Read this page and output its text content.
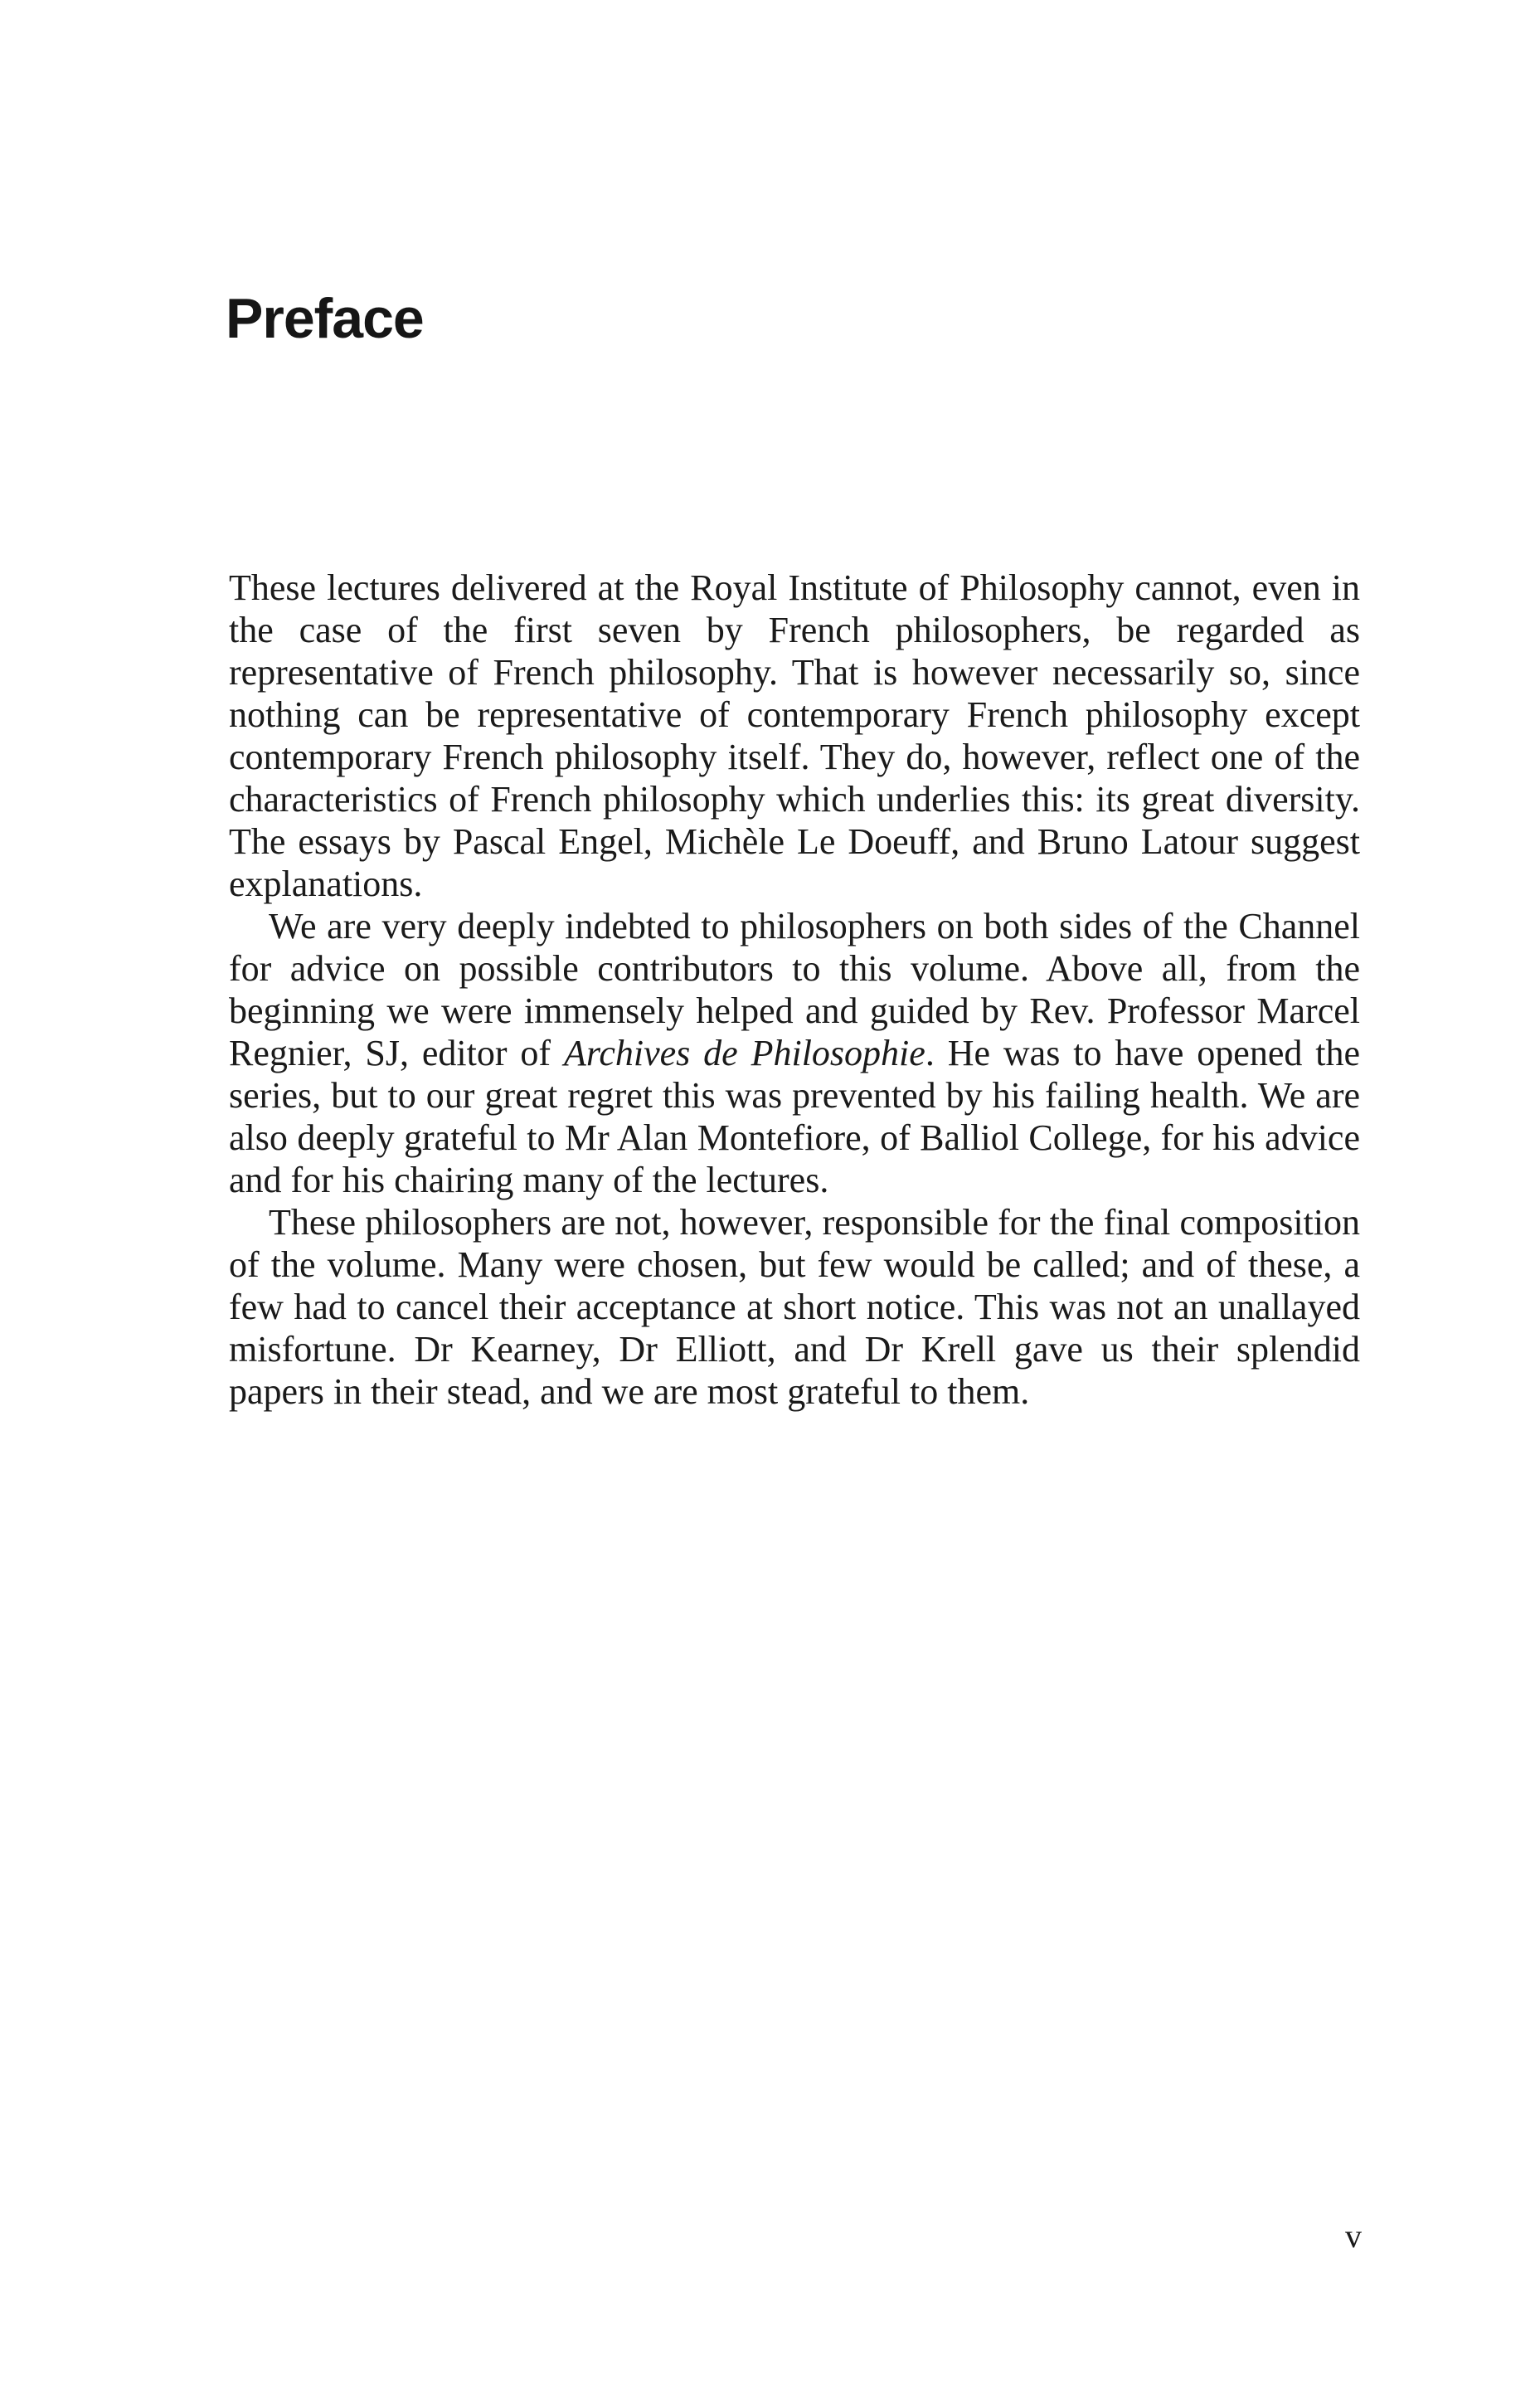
Preface

These lectures delivered at the Royal Institute of Philosophy cannot, even in the case of the first seven by French philosophers, be regarded as representative of French philosophy. That is however necessarily so, since nothing can be representative of contemporary French philosophy except contemporary French philosophy itself. They do, however, reflect one of the characteristics of French philosophy which underlies this: its great diversity. The essays by Pascal Engel, Michèle Le Doeuff, and Bruno Latour suggest explanations.

We are very deeply indebted to philosophers on both sides of the Channel for advice on possible contributors to this volume. Above all, from the beginning we were immensely helped and guided by Rev. Professor Marcel Regnier, SJ, editor of Archives de Philosophie. He was to have opened the series, but to our great regret this was prevented by his failing health. We are also deeply grateful to Mr Alan Montefiore, of Balliol College, for his advice and for his chairing many of the lectures.

These philosophers are not, however, responsible for the final composition of the volume. Many were chosen, but few would be called; and of these, a few had to cancel their acceptance at short notice. This was not an unallayed misfortune. Dr Kearney, Dr Elliott, and Dr Krell gave us their splendid papers in their stead, and we are most grateful to them.

v
